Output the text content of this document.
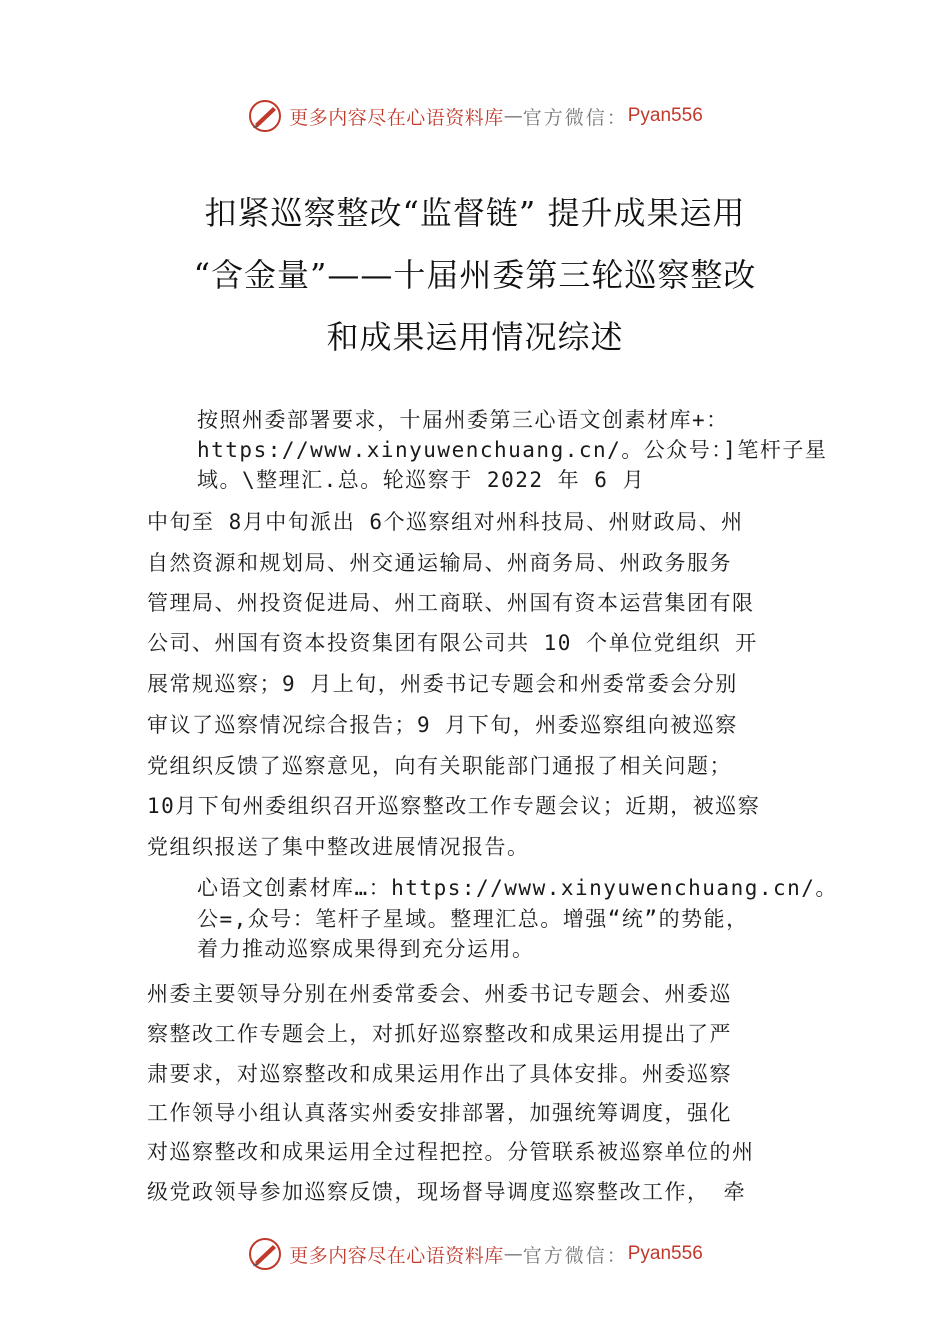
更多内容尽在心语资料库 — 官方微信： Pyan556
扣紧巡察整改“监督链” 提升成果运用
“含金量”——十届州委第三轮巡察整改
和成果运用情况综述
按照州委部署要求，十届州委第三心语文创素材库+：
https://www.xinyuwenchuang.cn/。公众号：]笔杆子星
域。\整理汇.总。轮巡察于 2022 年 6 月
中旬至 8月中旬派出 6个巡察组对州科技局、州财政局、州
自然资源和规划局、州交通运输局、州商务局、州政务服务
管理局、州投资促进局、州工商联、州国有资本运营集团有限
公司、州国有资本投资集团有限公司共 10 个单位党组织 开
展常规巡察；9 月上旬，州委书记专题会和州委常委会分别
审议了巡察情况综合报告；9 月下旬，州委巡察组向被巡察
党组织反馈了巡察意见，向有关职能部门通报了相关问题；
10月下旬州委组织召开巡察整改工作专题会议；近期，被巡察
党组织报送了集中整改进展情况报告。
心语文创素材库…：https://www.xinyuwenchuang.cn/。
公=,众号：笔杆子星域。整理汇总。增强“统”的势能，
着力推动巡察成果得到充分运用。
州委主要领导分别在州委常委会、州委书记专题会、州委巡
察整改工作专题会上，对抓好巡察整改和成果运用提出了严
肃要求，对巡察整改和成果运用作出了具体安排。州委巡察
工作领导小组认真落实州委安排部署，加强统筹调度，强化
对巡察整改和成果运用全过程把控。分管联系被巡察单位的州
级党政领导参加巡察反馈，现场督导调度巡察整改工作， 牵
更多内容尽在心语资料库 — 官方微信： Pyan556
